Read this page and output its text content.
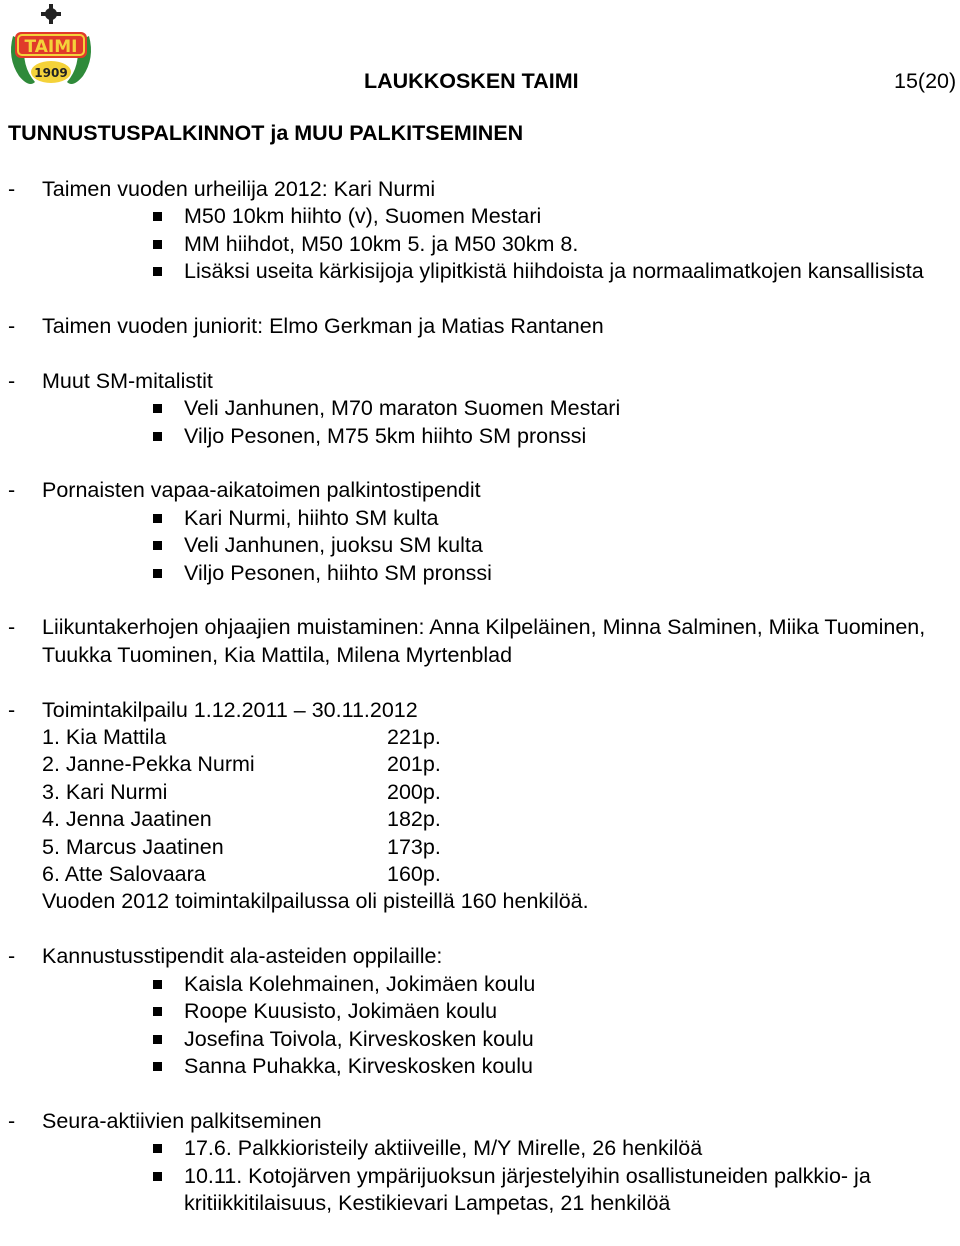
TAIMI
1909	LAUKKOSKEN TAIMI	15(20)
TUNNUSTUSPALKINNOT ja MUU PALKITSEMINEN
- Taimen vuoden urheilija 2012: Kari Nurmi
M50 10km hiihto (v), Suomen Mestari
MM hiihdot, M50 10km 5. ja M50 30km 8.
Lisäksi useita kärkisijoja ylipitkistä hiihdoista ja normaalimatkojen kansallisista
- Taimen vuoden juniorit: Elmo Gerkman ja Matias Rantanen
- Muut SM-mitalistit
Veli Janhunen, M70 maraton Suomen Mestari
Viljo Pesonen, M75 5km hiihto SM pronssi
- Pornaisten vapaa-aikatoimen palkintostipendit
Kari Nurmi, hiihto SM kulta
Veli Janhunen, juoksu SM kulta
Viljo Pesonen, hiihto SM pronssi
- Liikuntakerhojen ohjaajien muistaminen: Anna Kilpeläinen, Minna Salminen, Miika Tuominen, Tuukka Tuominen, Kia Mattila, Milena Myrtenblad
- Toimintakilpailu 1.12.2011 – 30.11.2012
1. Kia Mattila	221p.
2. Janne-Pekka Nurmi	201p.
3. Kari Nurmi	200p.
4. Jenna Jaatinen	182p.
5. Marcus Jaatinen	173p.
6. Atte Salovaara	160p.
Vuoden 2012 toimintakilpailussa oli pisteillä 160 henkilöä.
- Kannustusstipendit ala-asteiden oppilaille:
Kaisla Kolehmainen, Jokimäen koulu
Roope Kuusisto, Jokimäen koulu
Josefina Toivola, Kirveskosken koulu
Sanna Puhakka, Kirveskosken koulu
- Seura-aktiivien palkitseminen
17.6. Palkkioristeily aktiiveille, M/Y Mirelle, 26 henkilöä
10.11. Kotojärven ympärijuoksun järjestelyihin osallistuneiden palkkio- ja kritiikkitilaisuus, Kestikievari Lampetas, 21 henkilöä
